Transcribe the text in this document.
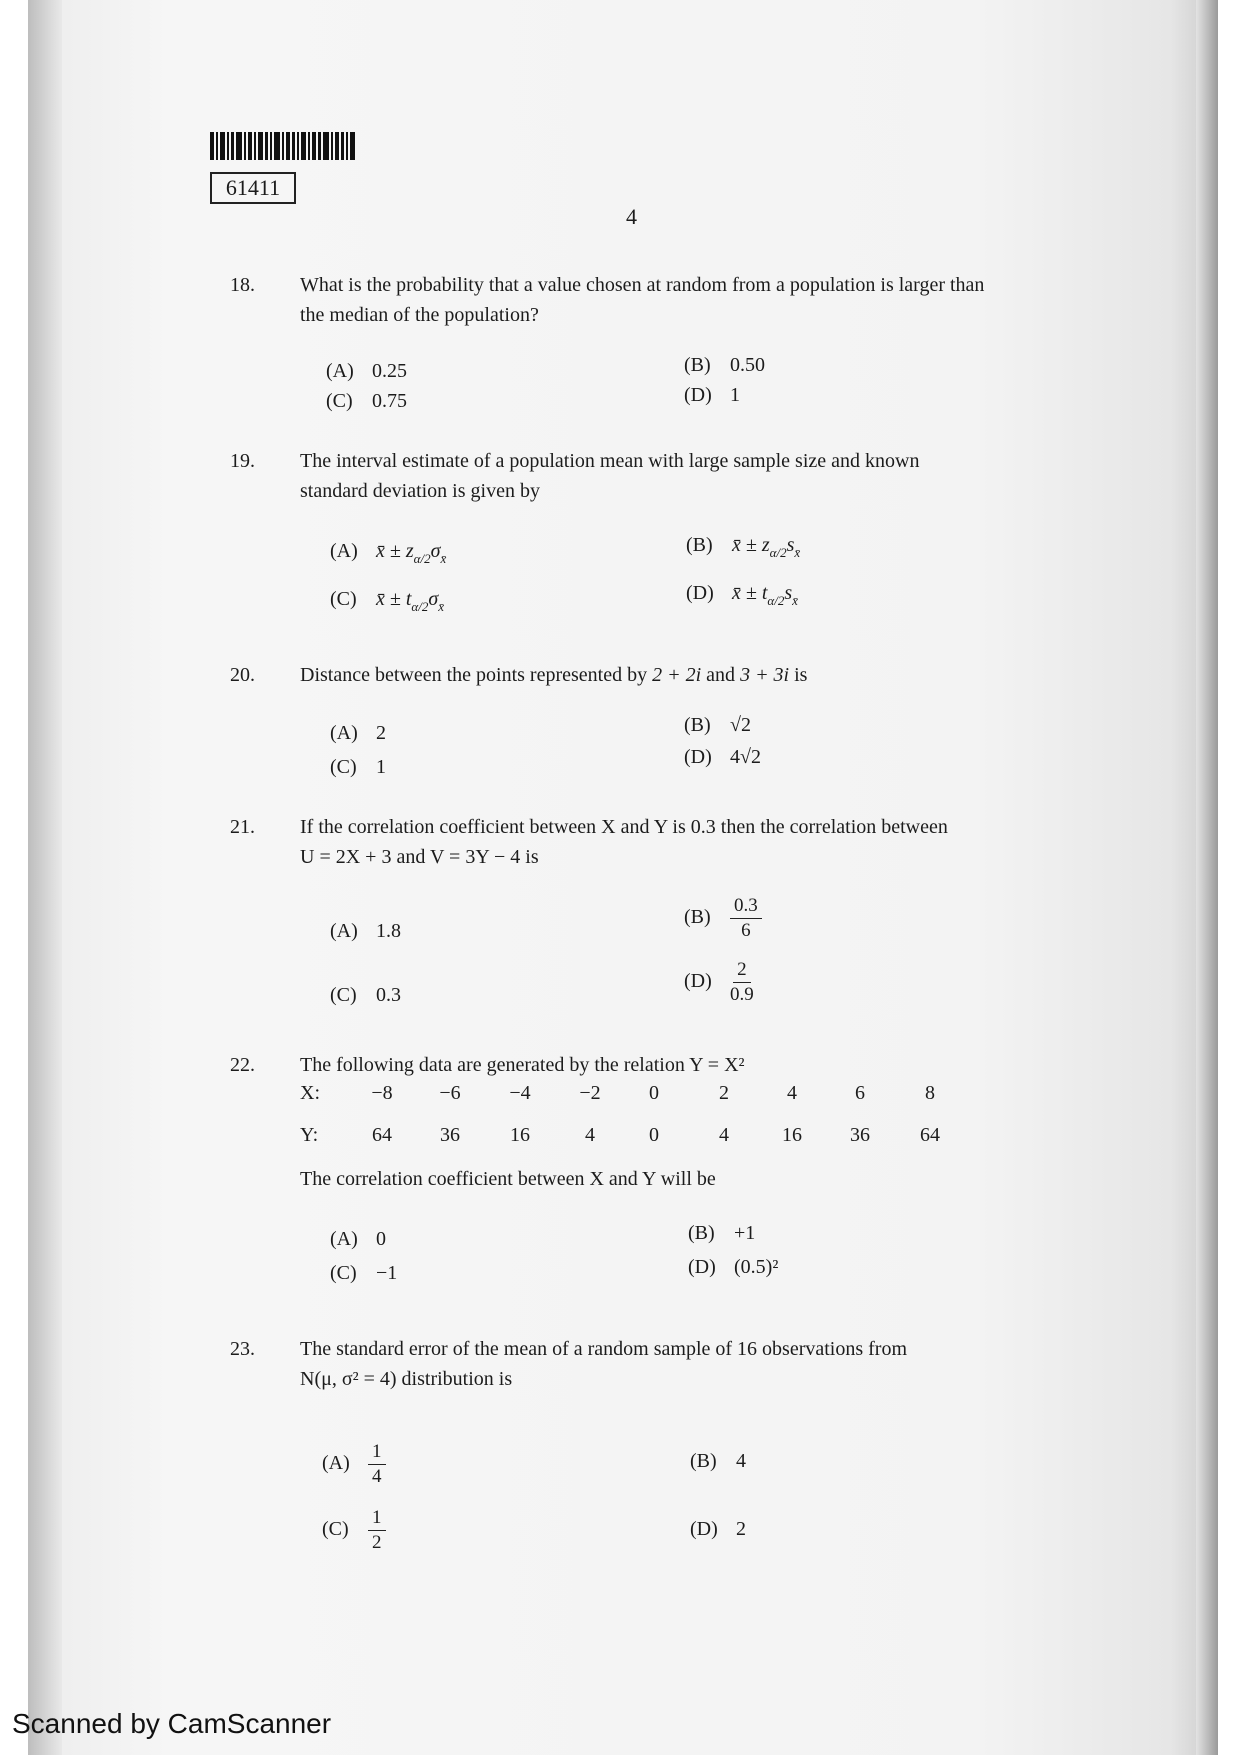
61411
4
18. What is the probability that a value chosen at random from a population is larger than
the median of the population?
(A) 0.25	(B) 0.50
(C) 0.75	(D) 1
19. The interval estimate of a population mean with large sample size and known
standard deviation is given by
(A) x̄ ± $z_{\alpha/2}\sigma_{x̄}$
(B) x̄ ± $z_{\alpha/2}s_{x̄}$
(C) x̄ ± $t_{\alpha/2}\sigma_{x̄}$
(D) x̄ ± $t_{\alpha/2}s_{x̄}$
20. Distance between the points represented by 2 + 2i and 3 + 3i is
(A) 2	(B) √2
(C) 1	(D) 4√2
21. If the correlation coefficient between X and Y is 0.3 then the correlation between
U = 2X + 3 and V = 3Y − 4 is
(A) 1.8
$(B) \frac{0.3}{6}$
(C) 0.3
$(D) \frac{2}{0.9}$
22. The following data are generated by the relation Y = X²
X:	−8	−6	−4	−2	0	2	4	6	8
Y:	64	36	16	4	0	4	16	36	64
The correlation coefficient between X and Y will be
(A) 0	(B) +1
(C) −1	(D) (0.5)²
23. The standard error of the mean of a random sample of 16 observations from
N(μ, σ² = 4) distribution is
$(A) \frac{1}{4}$	(B) 4
$(C) \frac{1}{2}$	(D) 2
Scanned by CamScanner
